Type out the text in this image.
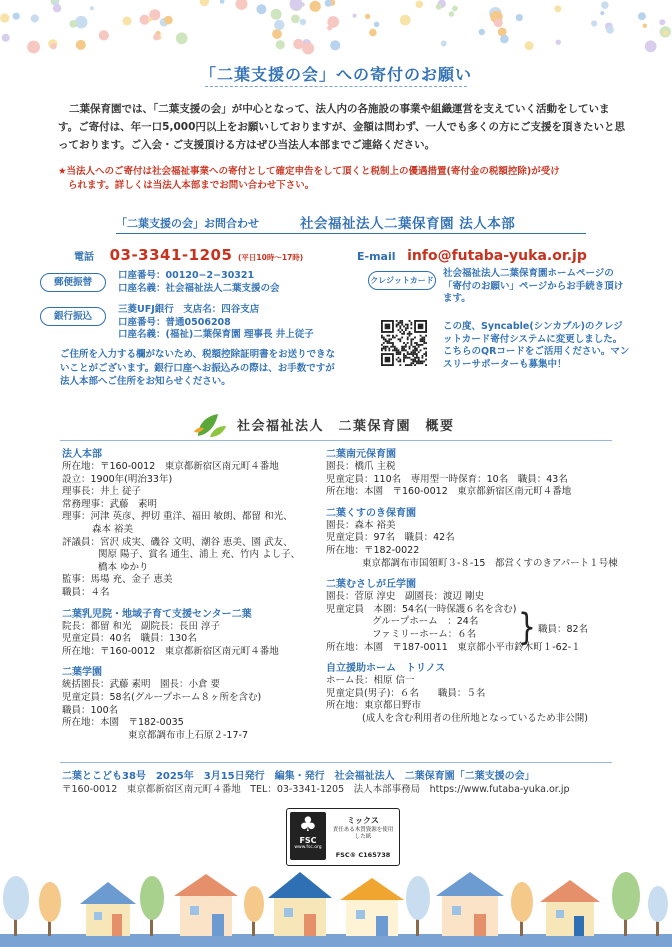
「二葉支援の会」への寄付のお願い
二葉保育園では、「二葉支援の会」が中心となって、法人内の各施設の事業や組織運営を支えていく活動をしています。ご寄付は、年一口5,000円以上をお願いしておりますが、金額は問わず、一人でも多くの方にご支援を頂きたいと思っております。ご入会・ご支援頂ける方はぜひ当法人本部までご連絡ください。
★当法人へのご寄付は社会福祉事業への寄付として確定申告をして頂くと税制上の優遇措置(寄付金の税額控除)が受け
られます。詳しくは当法人本部までお問い合わせ下さい。
「二葉支援の会」お問合わせ	社会福祉法人二葉保育園 法人本部
電話 03-3341-1205 (平日10時〜17時)	E-mail info@futaba-yuka.or.jp
郵便振替
口座番号：00120−2−30321
口座名義：社会福祉法人二葉支援の会
銀行振込
三菱UFJ銀行　支店名：四谷支店
口座番号：普通0506208
口座名義：(福祉)二葉保育園 理事長 井上従子
ご住所を入力する欄がないため、税額控除証明書をお送りできないことがございます。銀行口座へお振込みの際は、お手数ですが法人本部へご住所をお知らせください。
クレジットカード
社会福祉法人二葉保育園ホームページの「寄付のお願い」ページからお手続き頂けます。
この度、Syncable(シンカブル)のクレジットカード寄付システムに変更しました。こちらのQRコードをご活用ください。マンスリーサポーターも募集中！
社会福祉法人　二葉保育園　概要
法人本部
所在地：〒160-0012　東京都新宿区南元町４番地
設立：1900年(明治33年)
理事長：井上 従子
常務理事：武藤　素明
理事：河津 英彦、押切 重洋、福田 敏朗、都留 和光、
森本 裕美
評議員：宮沢 成実、磯谷 文明、潮谷 恵美、園 武友、
関原 陽子、賞名 通生、浦上 充、竹内 よし子、
橋本 ゆかり
監事：馬場 充、金子 恵美
職員：４名
二葉乳児院・地域子育て支援センター二葉
院長：都留 和光　副院長：長田 淳子
児童定員：40名　職員：130名
所在地：〒160-0012　東京都新宿区南元町４番地
二葉学園
統括園長：武藤 素明　園長：小倉 要
児童定員：58名(グループホーム８ヶ所を含む)
職員：100名
所在地：本園　〒182-0035
東京都調布市上石原２-17-7
二葉南元保育園
園長：橋爪 主税
児童定員：110名　専用型一時保育：10名　職員：43名
所在地：本園　〒160-0012　東京都新宿区南元町４番地
二葉くすのき保育園
園長：森本 裕美
児童定員：97名　職員：42名
所在地：〒182-0022
東京都調布市国領町３-８-15　都営くすのきアパート１号棟
二葉むさしが丘学園
園長：菅原 淳史　副園長：渡辺 剛史
児童定員　本園：54名(一時保護６名を含む)
グループホーム　：24名
ファミリーホーム：６名
所在地：本園　〒187-0011　東京都小平市鈴木町１-62-１
自立援助ホーム　トリノス
ホーム長：相原 信一
児童定員(男子)：６名　　職員：５名
所在地：東京都日野市
(成人を含む利用者の住所地となっているため非公開)
} 職員：82名
二葉とこども38号　2025年　3月15日発行　編集・発行　社会福祉法人　二葉保育園「二葉支援の会」
〒160-0012　東京都新宿区南元町４番地　TEL：03-3341-1205　法人本部事務局　https://www.futaba-yuka.or.jp
♣
FSC
www.fsc.org
ミックス
責任ある木質資源を使用した紙
FSC® C165738
